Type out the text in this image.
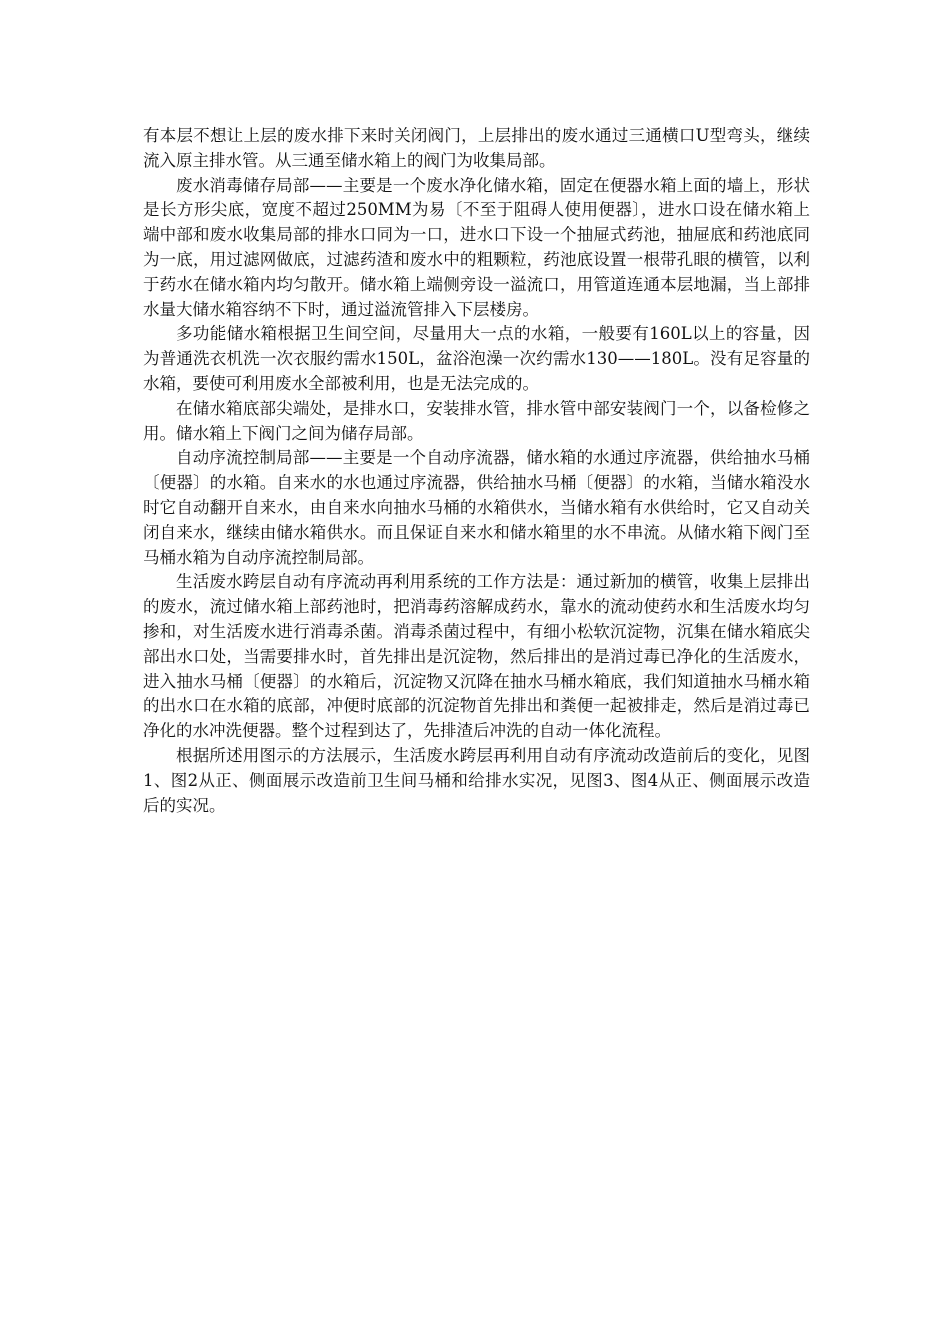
有本层不想让上层的废水排下来时关闭阀门，上层排出的废水通过三通横口U型弯头，继续流入原主排水管。从三通至储水箱上的阀门为收集局部。

废水消毒储存局部——主要是一个废水净化储水箱，固定在便器水箱上面的墙上，形状是长方形尖底，宽度不超过250MM为易〔不至于阻碍人使用便器〕，进水口设在储水箱上端中部和废水收集局部的排水口同为一口，进水口下设一个抽屉式药池，抽屉底和药池底同为一底，用过滤网做底，过滤药渣和废水中的粗颗粒，药池底设置一根带孔眼的横管，以利于药水在储水箱内均匀散开。储水箱上端侧旁设一溢流口，用管道连通本层地漏，当上部排水量大储水箱容纳不下时，通过溢流管排入下层楼房。

多功能储水箱根据卫生间空间，尽量用大一点的水箱，一般要有160L以上的容量，因为普通洗衣机洗一次衣服约需水150L，盆浴泡澡一次约需水130——180L。没有足容量的水箱，要使可利用废水全部被利用，也是无法完成的。

在储水箱底部尖端处，是排水口，安装排水管，排水管中部安装阀门一个，以备检修之用。储水箱上下阀门之间为储存局部。

自动序流控制局部——主要是一个自动序流器，储水箱的水通过序流器，供给抽水马桶〔便器〕的水箱。自来水的水也通过序流器，供给抽水马桶〔便器〕的水箱，当储水箱没水时它自动翻开自来水，由自来水向抽水马桶的水箱供水，当储水箱有水供给时，它又自动关闭自来水，继续由储水箱供水。而且保证自来水和储水箱里的水不串流。从储水箱下阀门至马桶水箱为自动序流控制局部。

生活废水跨层自动有序流动再利用系统的工作方法是：通过新加的横管，收集上层排出的废水，流过储水箱上部药池时，把消毒药溶解成药水，靠水的流动使药水和生活废水均匀掺和，对生活废水进行消毒杀菌。消毒杀菌过程中，有细小松软沉淀物，沉集在储水箱底尖部出水口处，当需要排水时，首先排出是沉淀物，然后排出的是消过毒已净化的生活废水，进入抽水马桶〔便器〕的水箱后，沉淀物又沉降在抽水马桶水箱底，我们知道抽水马桶水箱的出水口在水箱的底部，冲便时底部的沉淀物首先排出和粪便一起被排走，然后是消过毒已净化的水冲洗便器。整个过程到达了，先排渣后冲洗的自动一体化流程。

根据所述用图示的方法展示，生活废水跨层再利用自动有序流动改造前后的变化，见图1、图2从正、侧面展示改造前卫生间马桶和给排水实况，见图3、图4从正、侧面展示改造后的实况。
